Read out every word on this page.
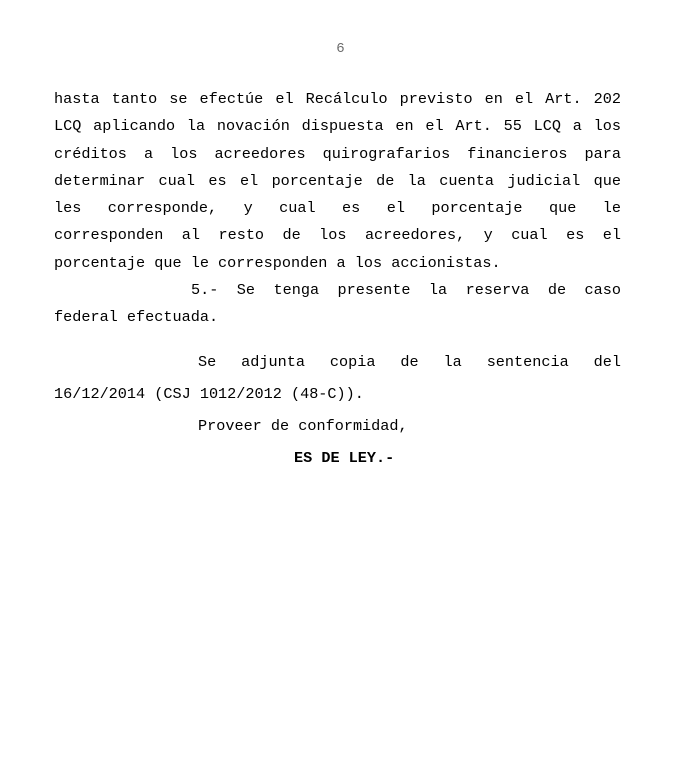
6
hasta tanto se efectúe el Recálculo previsto en el Art. 202
LCQ aplicando la novación dispuesta en el Art. 55 LCQ a los
créditos a los acreedores quirografarios financieros para
determinar cual es el porcentaje de la cuenta judicial que
les corresponde, y cual es el porcentaje que le
corresponden al resto de los acreedores, y cual es el
porcentaje que le corresponden a los accionistas.
5.- Se tenga presente la reserva de caso
federal efectuada.
Se adjunta copia de la sentencia del
16/12/2014 (CSJ 1012/2012 (48-C)).
Proveer de conformidad,
ES DE LEY.-
